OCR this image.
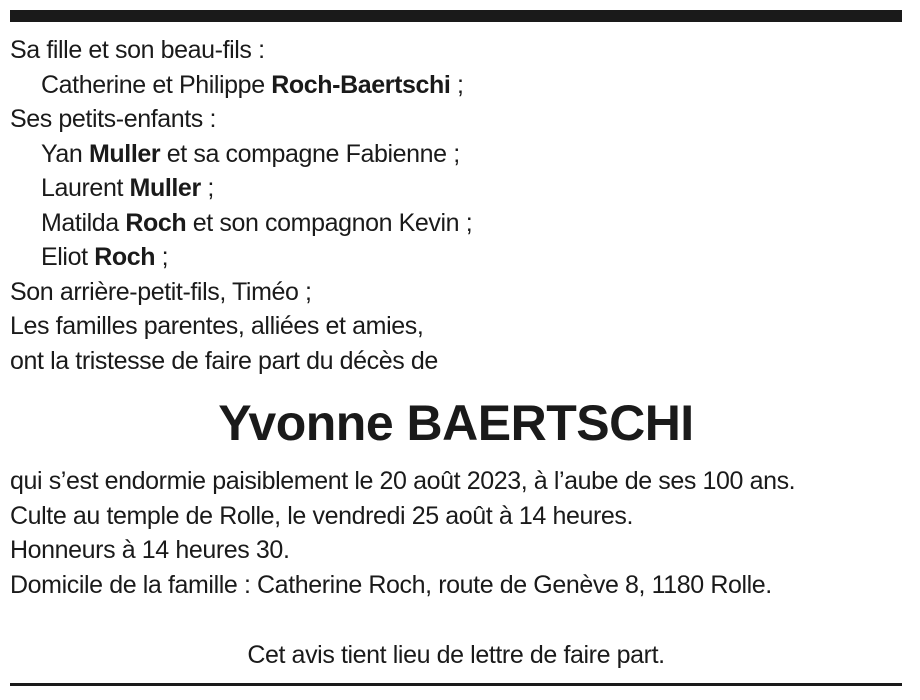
Sa fille et son beau-fils :
Catherine et Philippe Roch-Baertschi ;
Ses petits-enfants :
Yan Muller et sa compagne Fabienne ;
Laurent Muller ;
Matilda Roch et son compagnon Kevin ;
Eliot Roch ;
Son arrière-petit-fils, Timéo ;
Les familles parentes, alliées et amies,
ont la tristesse de faire part du décès de
Yvonne BAERTSCHI
qui s’est endormie paisiblement le 20 août 2023, à l’aube de ses 100 ans.
Culte au temple de Rolle, le vendredi 25 août à 14 heures.
Honneurs à 14 heures 30.
Domicile de la famille : Catherine Roch, route de Genève 8, 1180 Rolle.
Cet avis tient lieu de lettre de faire part.
